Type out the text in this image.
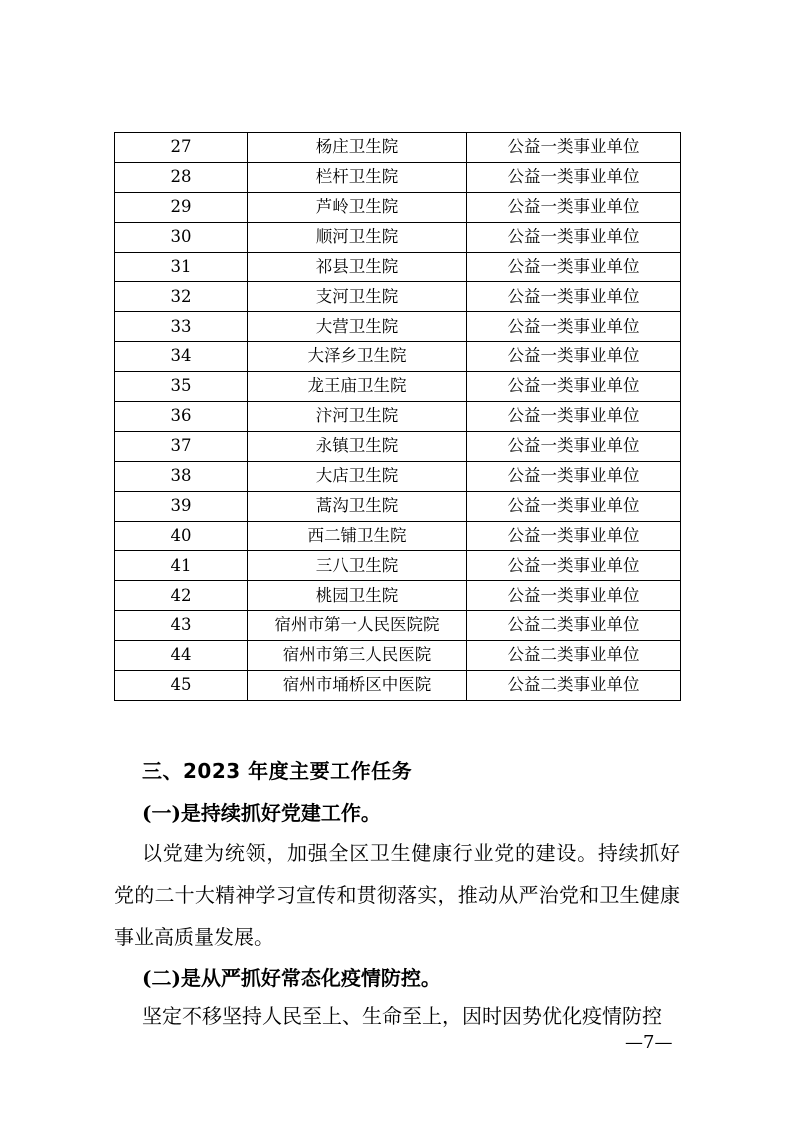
27	杨庄卫生院	公益一类事业单位
28	栏杆卫生院	公益一类事业单位
29	芦岭卫生院	公益一类事业单位
30	顺河卫生院	公益一类事业单位
31	祁县卫生院	公益一类事业单位
32	支河卫生院	公益一类事业单位
33	大营卫生院	公益一类事业单位
34	大泽乡卫生院	公益一类事业单位
35	龙王庙卫生院	公益一类事业单位
36	汴河卫生院	公益一类事业单位
37	永镇卫生院	公益一类事业单位
38	大店卫生院	公益一类事业单位
39	蒿沟卫生院	公益一类事业单位
40	西二铺卫生院	公益一类事业单位
41	三八卫生院	公益一类事业单位
42	桃园卫生院	公益一类事业单位
43	宿州市第一人民医院院	公益二类事业单位
44	宿州市第三人民医院	公益二类事业单位
45	宿州市埇桥区中医院	公益二类事业单位
三、2023 年度主要工作任务
(一)是持续抓好党建工作。

以党建为统领，加强全区卫生健康行业党的建设。持续抓好党的二十大精神学习宣传和贯彻落实，推动从严治党和卫生健康事业高质量发展。

(二)是从严抓好常态化疫情防控。

坚定不移坚持人民至上、生命至上，因时因势优化疫情防控

—7—
